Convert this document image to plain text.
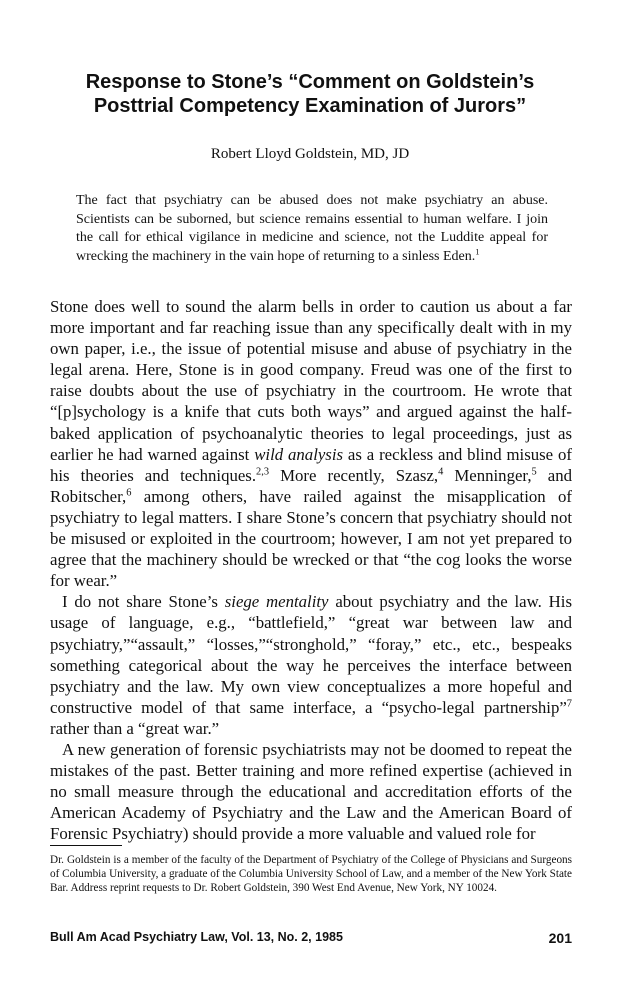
Response to Stone’s “Comment on Goldstein’s
Posttrial Competency Examination of Jurors”
Robert Lloyd Goldstein, MD, JD

The fact that psychiatry can be abused does not make psychiatry an abuse. Scientists can be suborned, but science remains essential to human welfare. I join the call for ethical vigilance in medicine and science, not the Luddite appeal for wrecking the machinery in the vain hope of returning to a sinless Eden.$^1$

Stone does well to sound the alarm bells in order to caution us about a far more important and far reaching issue than any specifically dealt with in my own paper, i.e., the issue of potential misuse and abuse of psychiatry in the legal arena. Here, Stone is in good company. Freud was one of the first to raise doubts about the use of psychiatry in the courtroom. He wrote that “[p]sychology is a knife that cuts both ways” and argued against the half-baked application of psychoanalytic theories to legal proceedings, just as earlier he had warned against wild analysis as a reckless and blind misuse of his theories and techniques.$^{2,3}$ More recently, Szasz,$^4$ Menninger,$^5$ and Robitscher,$^6$ among others, have railed against the misapplication of psychiatry to legal matters. I share Stone’s concern that psychiatry should not be misused or exploited in the courtroom; however, I am not yet prepared to agree that the machinery should be wrecked or that “the cog looks the worse for wear.”

I do not share Stone’s siege mentality about psychiatry and the law. His usage of language, e.g., “battlefield,” “great war between law and psychiatry,”“assault,” “losses,”“stronghold,” “foray,” etc., etc., bespeaks something categorical about the way he perceives the interface between psychiatry and the law. My own view conceptualizes a more hopeful and constructive model of that same interface, a “psycho-legal partnership”$^7$ rather than a “great war.”

A new generation of forensic psychiatrists may not be doomed to repeat the mistakes of the past. Better training and more refined expertise (achieved in no small measure through the educational and accreditation efforts of the American Academy of Psychiatry and the Law and the American Board of Forensic Psychiatry) should provide a more valuable and valued role for

Dr. Goldstein is a member of the faculty of the Department of Psychiatry of the College of Physicians and Surgeons of Columbia University, a graduate of the Columbia University School of Law, and a member of the New York State Bar. Address reprint requests to Dr. Robert Goldstein, 390 West End Avenue, New York, NY 10024.

Bull Am Acad Psychiatry Law, Vol. 13, No. 2, 1985	201
